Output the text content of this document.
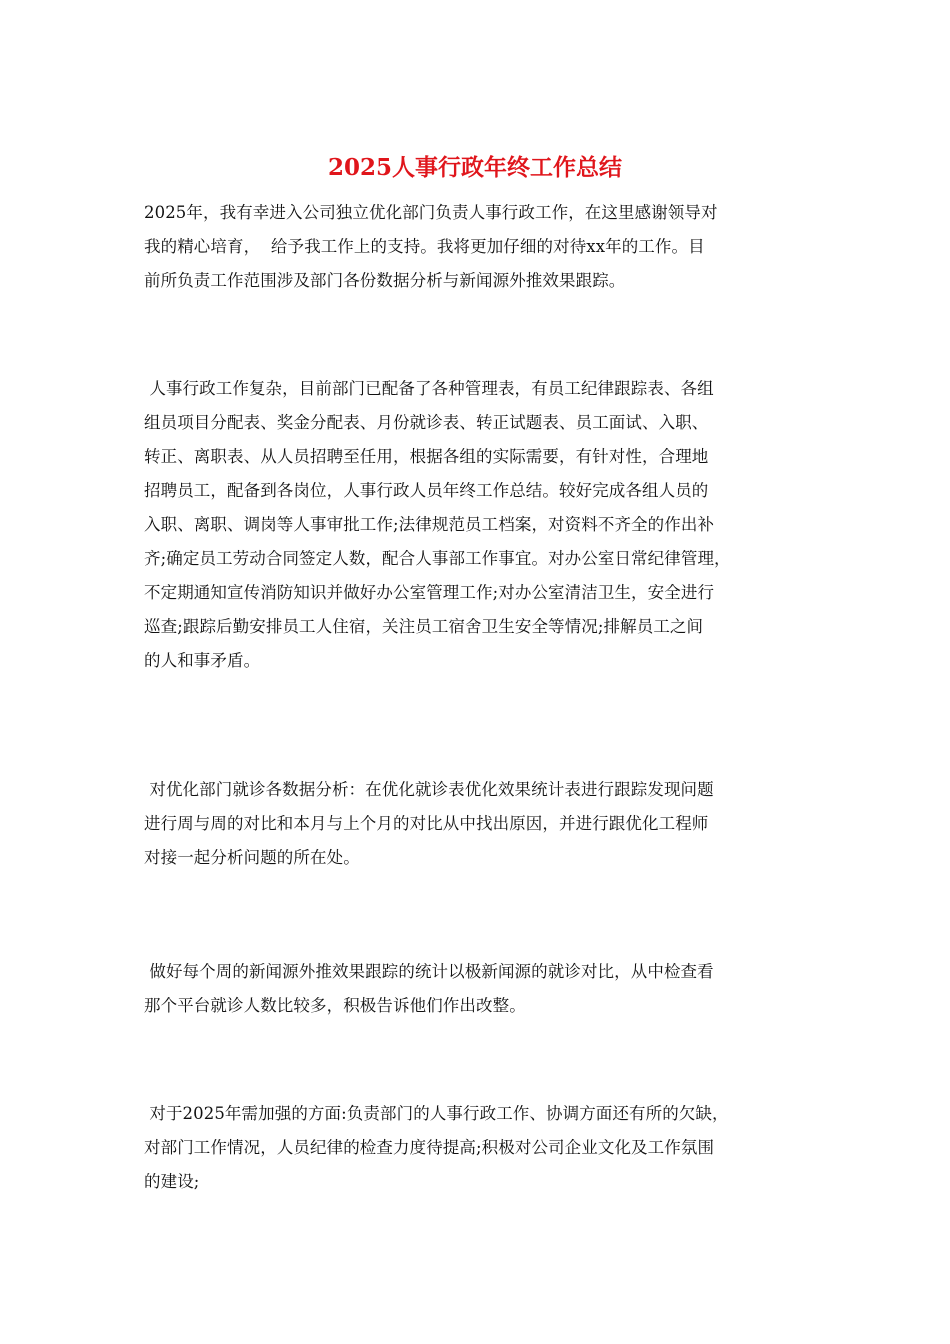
2025人事行政年终工作总结
2025年，我有幸进入公司独立优化部门负责人事行政工作，在这里感谢领导对
我的精心培育，  给予我工作上的支持。我将更加仔细的对待xx年的工作。目
前所负责工作范围涉及部门各份数据分析与新闻源外推效果跟踪。
人事行政工作复杂，目前部门已配备了各种管理表，有员工纪律跟踪表、各组
组员项目分配表、奖金分配表、月份就诊表、转正试题表、员工面试、入职、
转正、离职表、从人员招聘至任用，根据各组的实际需要，有针对性，合理地
招聘员工，配备到各岗位，人事行政人员年终工作总结。较好完成各组人员的
入职、离职、调岗等人事审批工作;法律规范员工档案，对资料不齐全的作出补
齐;确定员工劳动合同签定人数，配合人事部工作事宜。对办公室日常纪律管理，
不定期通知宣传消防知识并做好办公室管理工作;对办公室清洁卫生，安全进行
巡查;跟踪后勤安排员工人住宿，关注员工宿舍卫生安全等情况;排解员工之间
的人和事矛盾。
对优化部门就诊各数据分析：在优化就诊表优化效果统计表进行跟踪发现问题
进行周与周的对比和本月与上个月的对比从中找出原因，并进行跟优化工程师
对接一起分析问题的所在处。
做好每个周的新闻源外推效果跟踪的统计以极新闻源的就诊对比，从中检查看
那个平台就诊人数比较多，积极告诉他们作出改整。
对于2025年需加强的方面:负责部门的人事行政工作、协调方面还有所的欠缺，
对部门工作情况，人员纪律的检查力度待提高;积极对公司企业文化及工作氛围
的建设;
